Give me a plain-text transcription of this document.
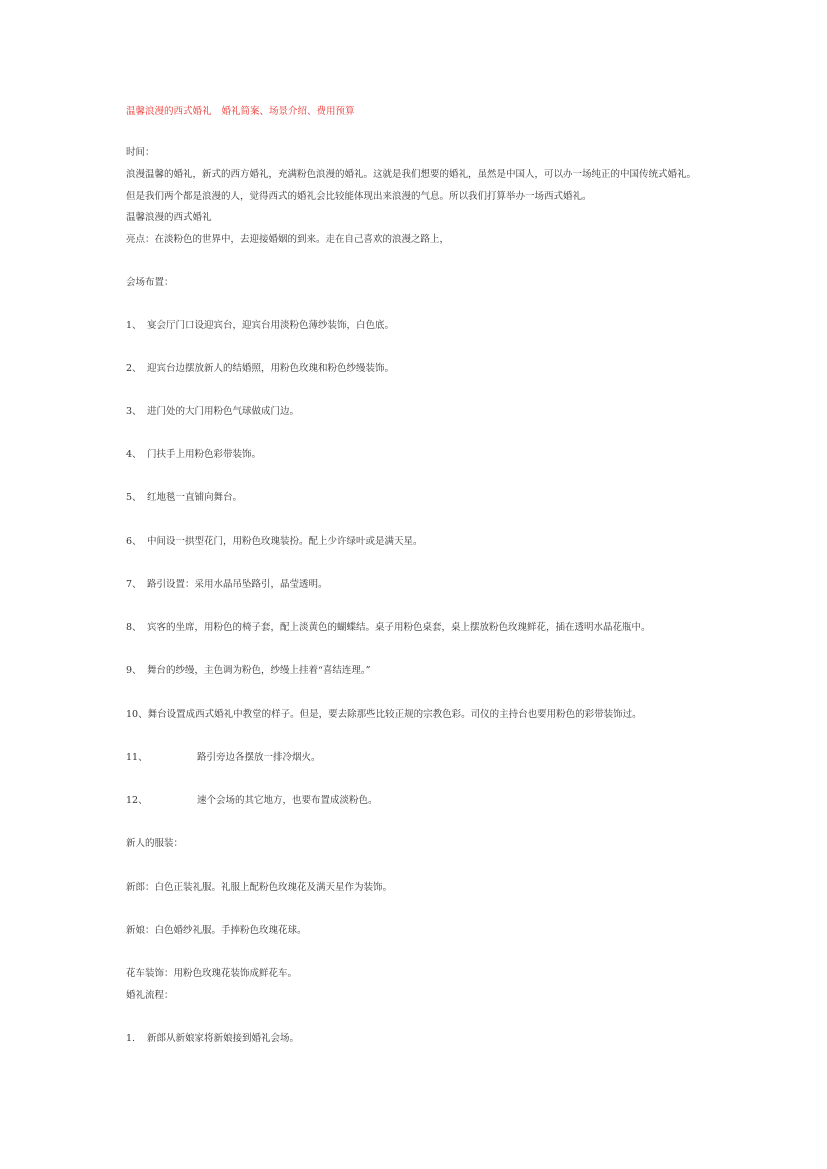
温馨浪漫的西式婚礼 婚礼简案、场景介绍、费用预算
时间：
浪漫温馨的婚礼，新式的西方婚礼，充满粉色浪漫的婚礼。这就是我们想要的婚礼，虽然是中国人，可以办一场纯正的中国传统式婚礼。
但是我们两个都是浪漫的人，觉得西式的婚礼会比较能体现出来浪漫的气息。所以我们打算举办一场西式婚礼。
温馨浪漫的西式婚礼
亮点：在淡粉色的世界中，去迎接婚姻的到来。走在自己喜欢的浪漫之路上，
会场布置：
1、 宴会厅门口设迎宾台，迎宾台用淡粉色薄纱装饰，白色底。
2、 迎宾台边摆放新人的结婚照，用粉色玫瑰和粉色纱缦装饰。
3、 进门处的大门用粉色气球做成门边。
4、 门扶手上用粉色彩带装饰。
5、 红地毯一直铺向舞台。
6、 中间设一拱型花门，用粉色玫瑰装扮。配上少许绿叶或是满天星。
7、 路引设置：采用水晶吊坠路引，晶莹透明。
8、 宾客的坐席，用粉色的椅子套，配上淡黄色的蝴蝶结。桌子用粉色桌套，桌上摆放粉色玫瑰鲜花，插在透明水晶花瓶中。
9、 舞台的纱缦，主色调为粉色，纱缦上挂着“喜结连理。”
10、舞台设置成西式婚礼中教堂的样子。但是，要去除那些比较正规的宗教色彩。司仪的主持台也要用粉色的彩带装饰过。
11、	路引旁边各摆放一排冷烟火。
12、	速个会场的其它地方，也要布置成淡粉色。
新人的服装：
新郎：白色正装礼服。礼服上配粉色玫瑰花及满天星作为装饰。
新娘：白色婚纱礼服。手捧粉色玫瑰花球。
花车装饰：用粉色玫瑰花装饰成鲜花车。
婚礼流程：
1. 新郎从新娘家将新娘接到婚礼会场。
